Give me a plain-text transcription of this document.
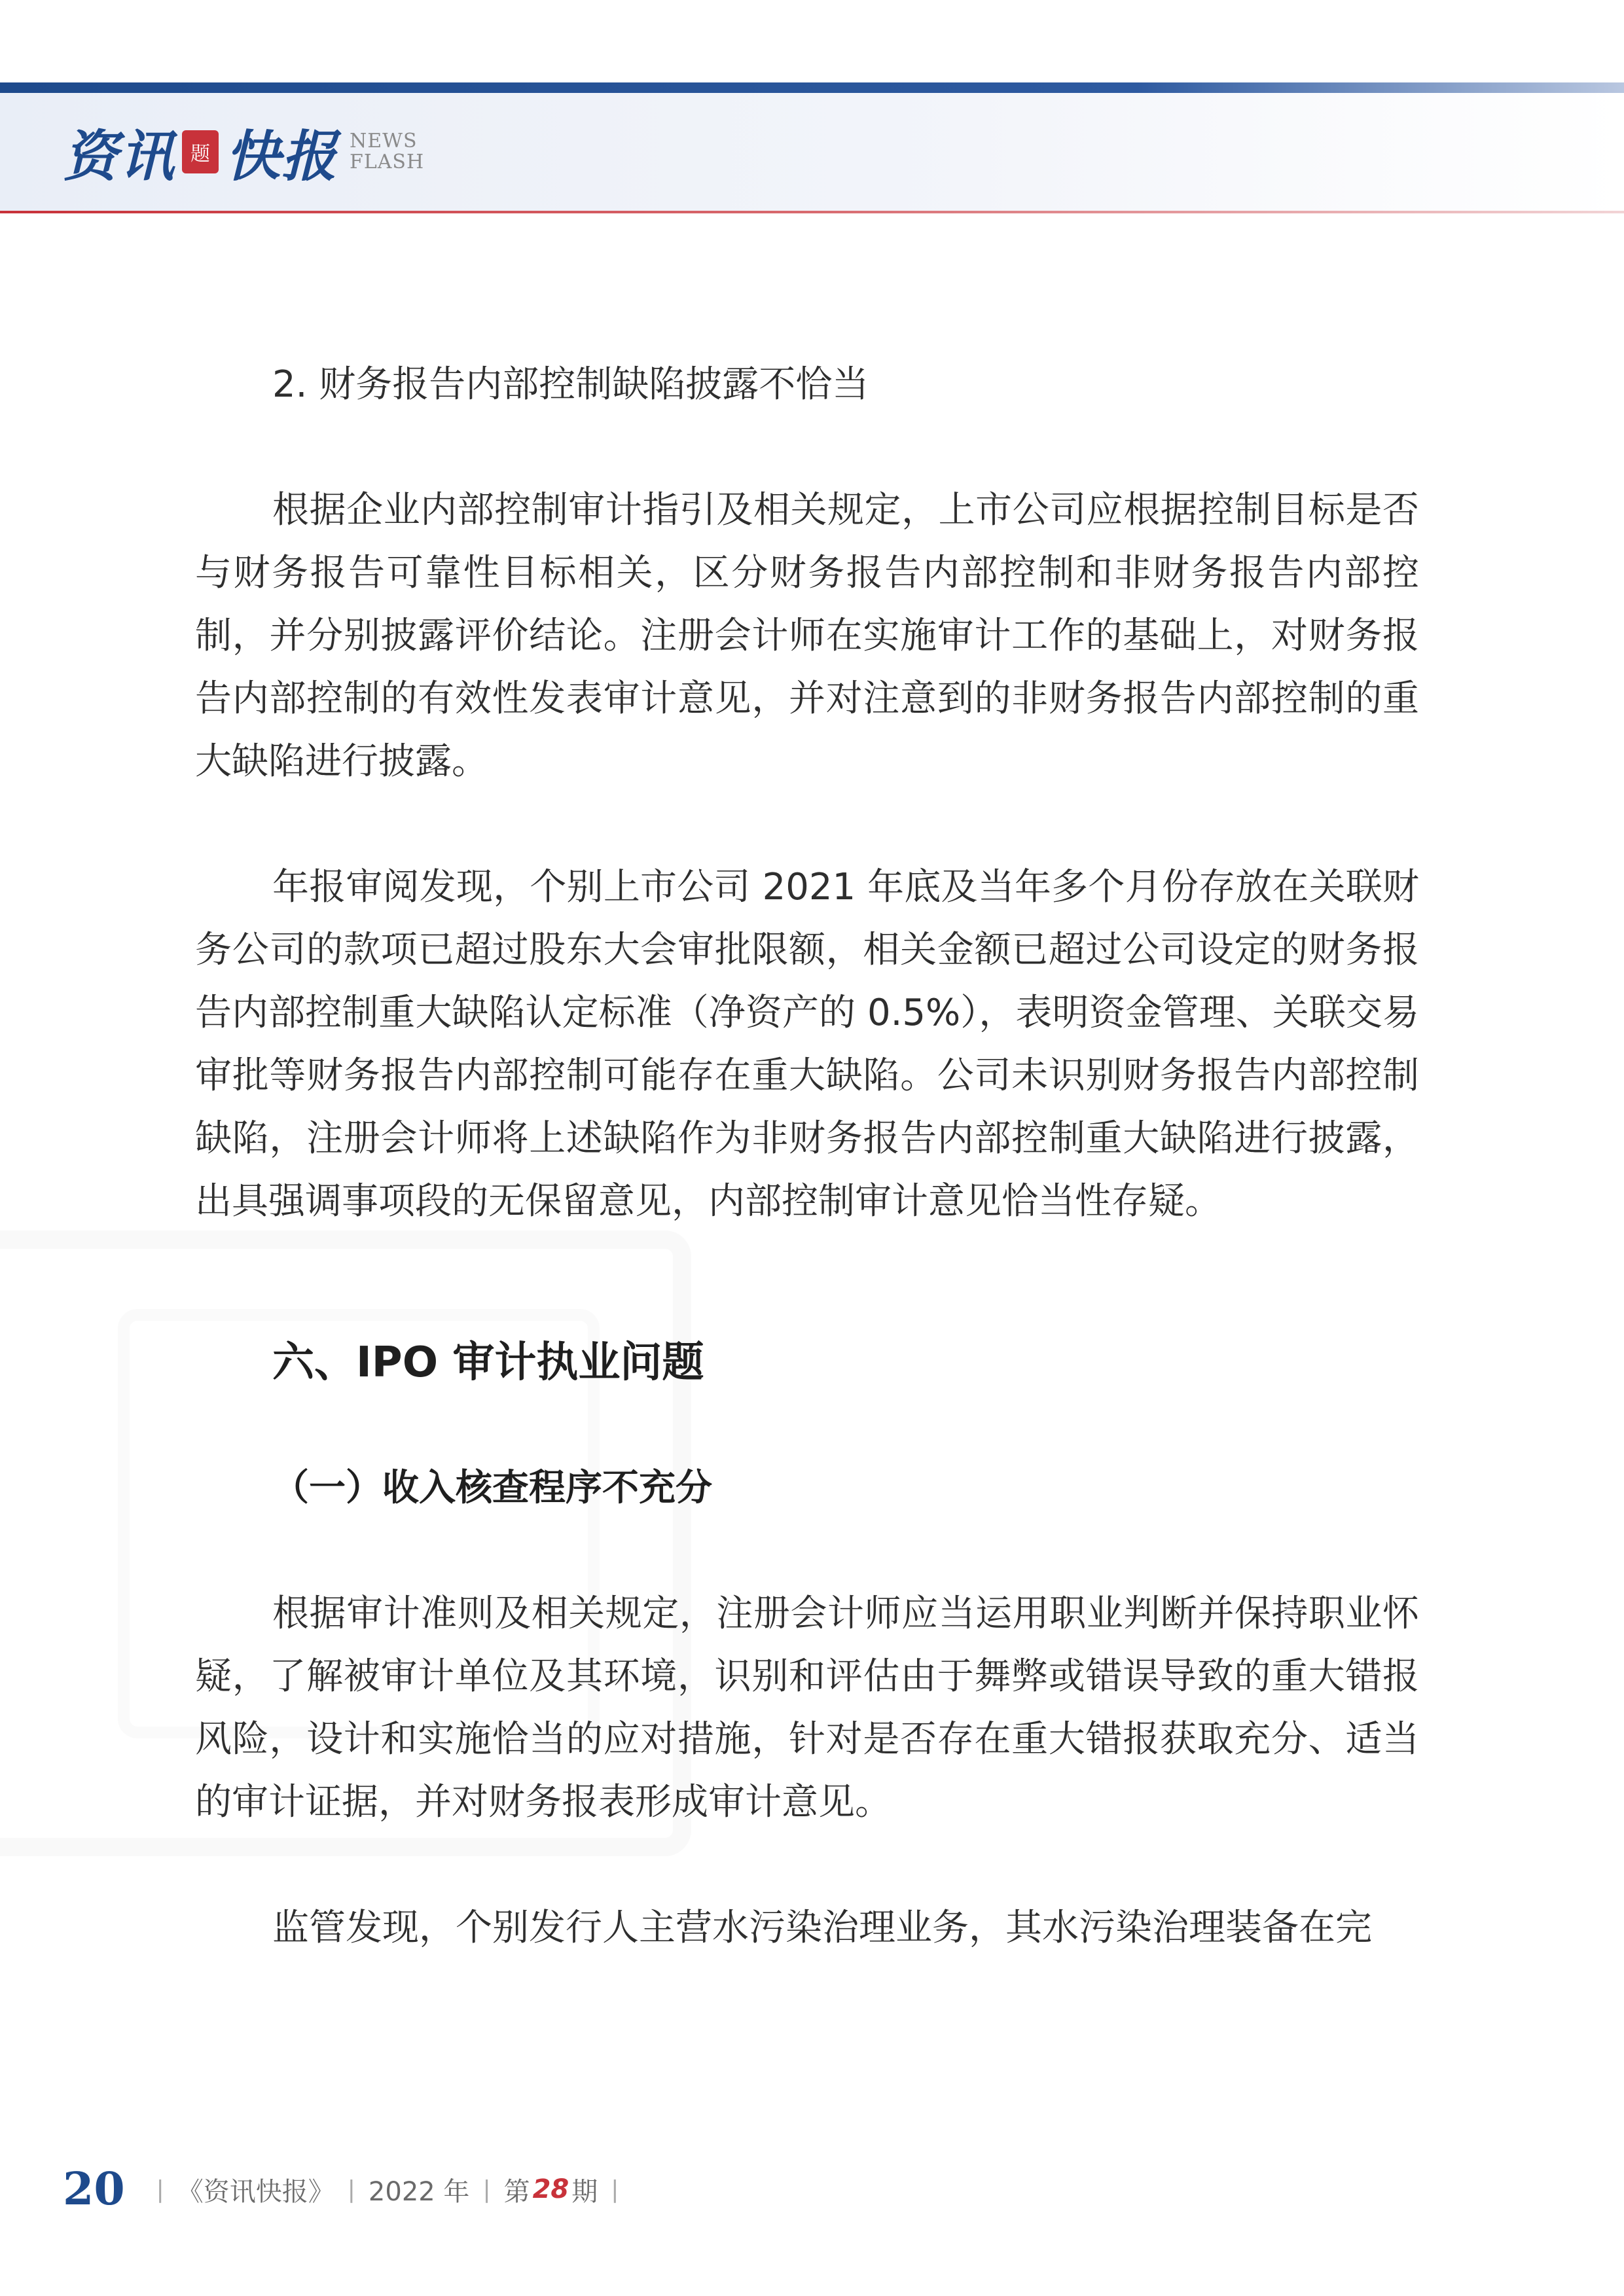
资讯 题 快报 NEWS
FLASH

2. 财务报告内部控制缺陷披露不恰当

根据企业内部控制审计指引及相关规定，上市公司应根据控制目标是否与财务报告可靠性目标相关，区分财务报告内部控制和非财务报告内部控制，并分别披露评价结论。注册会计师在实施审计工作的基础上，对财务报告内部控制的有效性发表审计意见，并对注意到的非财务报告内部控制的重大缺陷进行披露。

年报审阅发现，个别上市公司 2021 年底及当年多个月份存放在关联财务公司的款项已超过股东大会审批限额，相关金额已超过公司设定的财务报告内部控制重大缺陷认定标准（净资产的 0.5%），表明资金管理、关联交易审批等财务报告内部控制可能存在重大缺陷。公司未识别财务报告内部控制缺陷，注册会计师将上述缺陷作为非财务报告内部控制重大缺陷进行披露，出具强调事项段的无保留意见，内部控制审计意见恰当性存疑。

六、IPO 审计执业问题

（一）收入核查程序不充分

根据审计准则及相关规定，注册会计师应当运用职业判断并保持职业怀疑，了解被审计单位及其环境，识别和评估由于舞弊或错误导致的重大错报风险，设计和实施恰当的应对措施，针对是否存在重大错报获取充分、适当的审计证据，并对财务报表形成审计意见。

监管发现，个别发行人主营水污染治理业务，其水污染治理装备在完

20 | 《资讯快报》 | 2022 年 | 第 28 期 |
